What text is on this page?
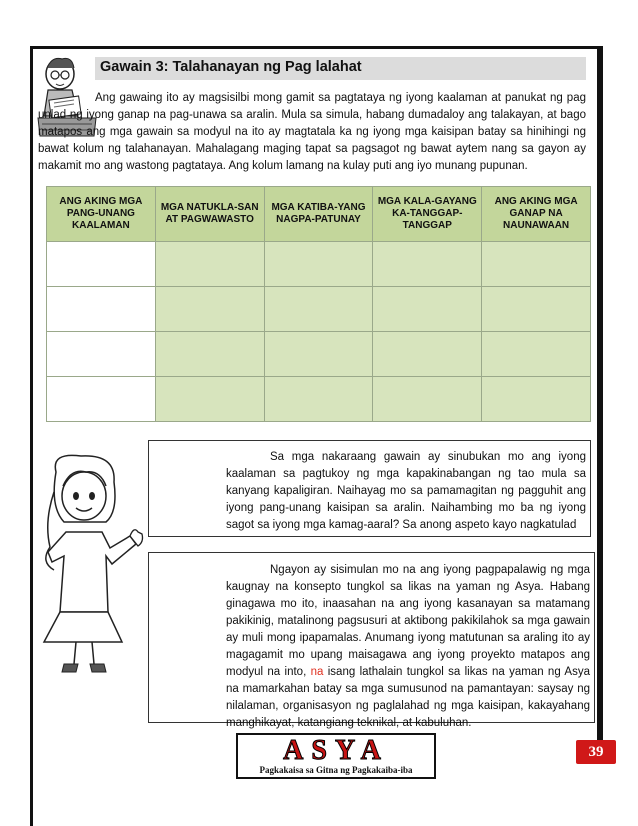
Gawain 3: Talahanayan ng Pag lalahat

Ang gawaing ito ay magsisilbi mong gamit sa pagtataya ng iyong kaalaman at panukat ng pag unlad ng iyong ganap na pag-unawa sa aralin. Mula sa simula, habang dumadaloy ang talakayan, at bago matapos ang mga gawain sa modyul na ito ay magtatala ka ng iyong mga kaisipan batay sa hinihingi ng bawat kolum ng talahanayan. Mahalagang maging tapat sa pagsagot ng bawat aytem nang sa gayon ay makamit mo ang wastong pagtataya. Ang kolum lamang na kulay puti ang iyo munang pupunan.

ANG AKING MGA PANG-UNANG KAALAMAN	MGA NATUKLA-SAN AT PAGWAWASTO	MGA KATIBA-YANG NAGPA-PATUNAY	MGA KALA-GAYANG KA-TANGGAP-TANGGAP	ANG AKING MGA GANAP NA NAUNAWAAN

Sa mga nakaraang gawain ay sinubukan mo ang iyong kaalaman sa pagtukoy ng mga kapakinabangan ng tao mula sa kanyang kapaligiran. Naihayag mo sa pamamagitan ng pagguhit ang iyong pang-unang kaisipan sa aralin. Naihambing mo ba ng iyong sagot sa iyong mga kamag-aaral? Sa anong aspeto kayo nagkatulad

Ngayon ay sisimulan mo na ang iyong pagpapalawig ng mga kaugnay na konsepto tungkol sa likas na yaman ng Asya. Habang ginagawa mo ito, inaasahan na ang iyong kasanayan sa matamang pakikinig, matalinong pagsusuri at aktibong pakikilahok sa mga gawain ay muli mong ipapamalas. Anumang iyong matutunan sa araling ito ay magagamit mo upang maisagawa ang iyong proyekto matapos ang modyul na into, na isang lathalain tungkol sa likas na yaman ng Asya na mamarkahan batay sa mga sumusunod na pamantayan: saysay ng nilalaman, organisasyon ng paglalahad ng mga kaisipan, kakayahang manghikayat, katangiang teknikal, at kabuluhan.

ASYA
Pagkakaisa sa Gitna ng Pagkakaiba-iba
39
